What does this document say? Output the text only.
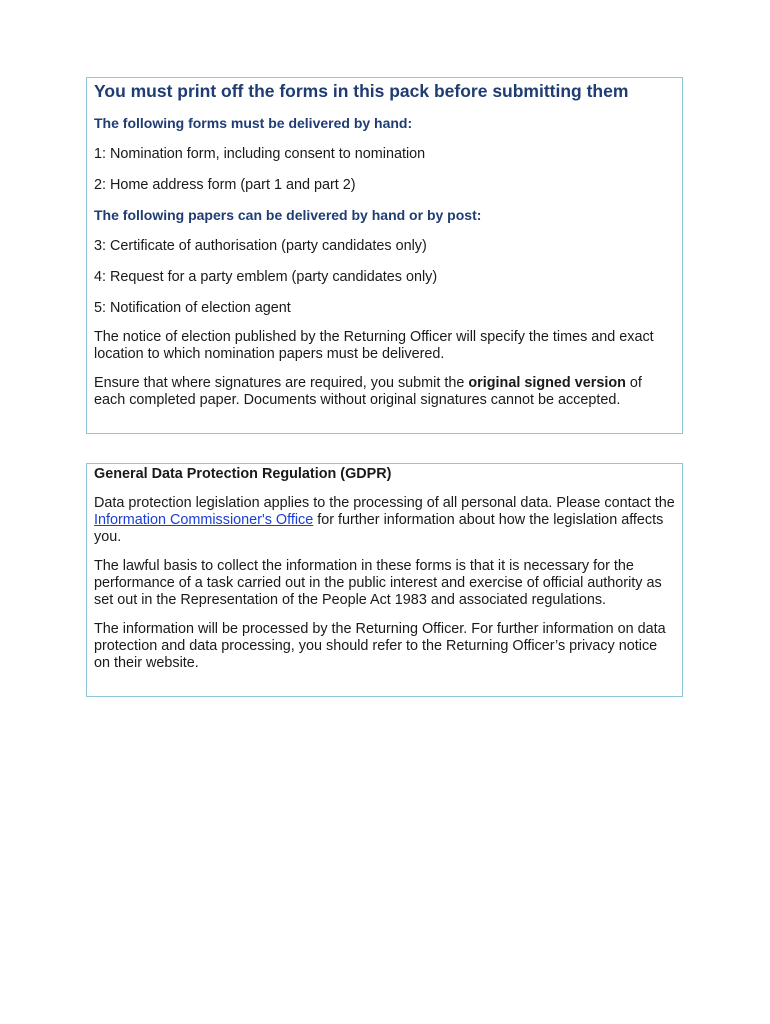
You must print off the forms in this pack before submitting them
The following forms must be delivered by hand:
1: Nomination form, including consent to nomination
2: Home address form (part 1 and part 2)
The following papers can be delivered by hand or by post:
3: Certificate of authorisation (party candidates only)
4: Request for a party emblem (party candidates only)
5: Notification of election agent
The notice of election published by the Returning Officer will specify the times and exact location to which nomination papers must be delivered.
Ensure that where signatures are required, you submit the original signed version of each completed paper. Documents without original signatures cannot be accepted.
General Data Protection Regulation (GDPR)
Data protection legislation applies to the processing of all personal data. Please contact the Information Commissioner's Office for further information about how the legislation affects you.
The lawful basis to collect the information in these forms is that it is necessary for the performance of a task carried out in the public interest and exercise of official authority as set out in the Representation of the People Act 1983 and associated regulations.
The information will be processed by the Returning Officer. For further information on data protection and data processing, you should refer to the Returning Officer’s privacy notice on their website.
